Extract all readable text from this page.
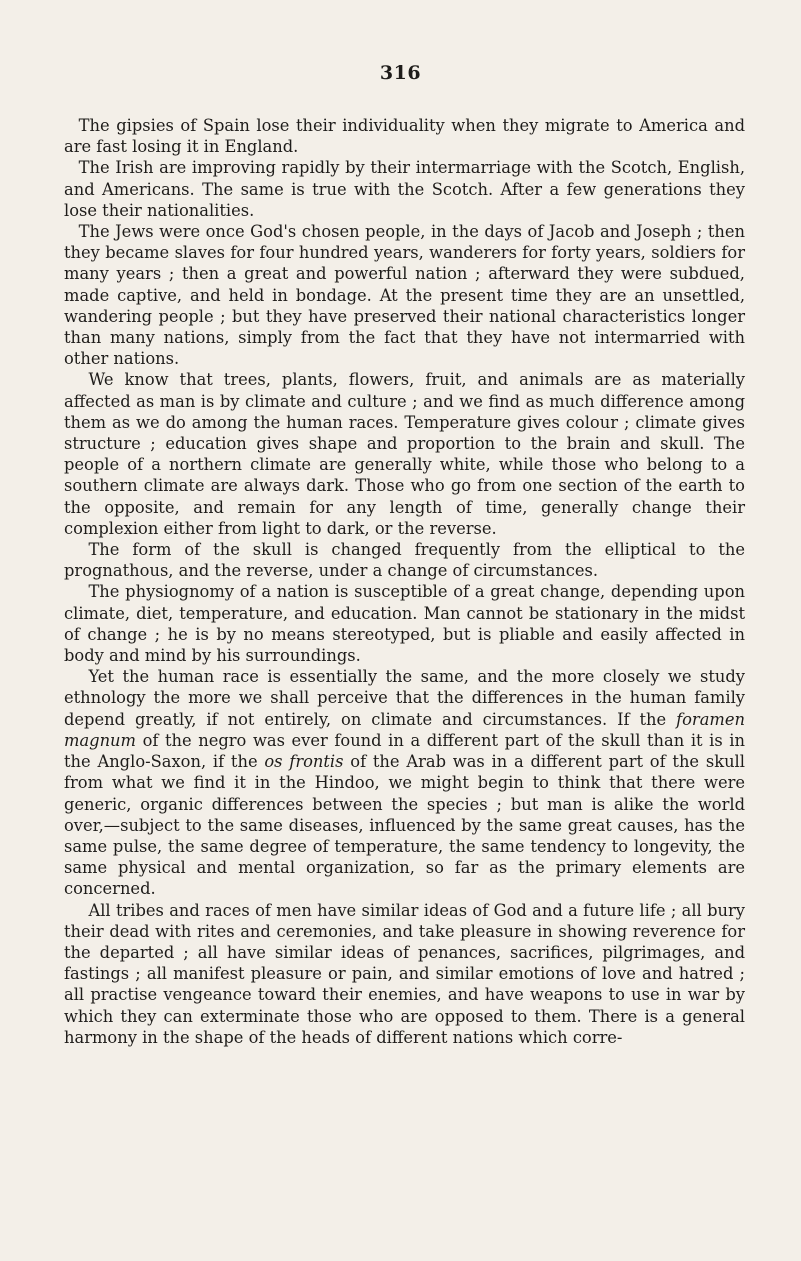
316

The gipsies of Spain lose their individuality when they migrate to America and are fast losing it in England.

The Irish are improving rapidly by their intermarriage with the Scotch, English, and Americans. The same is true with the Scotch. After a few generations they lose their nationalities.

The Jews were once God's chosen people, in the days of Jacob and Joseph ; then they became slaves for four hundred years, wanderers for forty years, soldiers for many years ; then a great and powerful nation ; afterward they were subdued, made captive, and held in bondage. At the present time they are an unsettled, wandering people ; but they have preserved their national characteristics longer than many nations, simply from the fact that they have not intermarried with other nations.

We know that trees, plants, flowers, fruit, and animals are as materially affected as man is by climate and culture ; and we find as much difference among them as we do among the human races. Temperature gives colour ; climate gives structure ; education gives shape and proportion to the brain and skull. The people of a northern climate are generally white, while those who belong to a southern climate are always dark. Those who go from one section of the earth to the opposite, and remain for any length of time, generally change their complexion either from light to dark, or the reverse.

The form of the skull is changed frequently from the elliptical to the prognathous, and the reverse, under a change of circumstances.

The physiognomy of a nation is susceptible of a great change, depending upon climate, diet, temperature, and education. Man cannot be stationary in the midst of change ; he is by no means stereotyped, but is pliable and easily affected in body and mind by his surroundings.

Yet the human race is essentially the same, and the more closely we study ethnology the more we shall perceive that the differences in the human family depend greatly, if not entirely, on climate and circumstances. If the foramen magnum of the negro was ever found in a different part of the skull than it is in the Anglo-Saxon, if the os frontis of the Arab was in a different part of the skull from what we find it in the Hindoo, we might begin to think that there were generic, organic differences between the species ; but man is alike the world over,—subject to the same diseases, influenced by the same great causes, has the same pulse, the same degree of temperature, the same tendency to longevity, the same physical and mental organization, so far as the primary elements are concerned.

All tribes and races of men have similar ideas of God and a future life ; all bury their dead with rites and ceremonies, and take pleasure in showing reverence for the departed ; all have similar ideas of penances, sacrifices, pilgrimages, and fastings ; all manifest pleasure or pain, and similar emotions of love and hatred ; all practise vengeance toward their enemies, and have weapons to use in war by which they can exterminate those who are opposed to them. There is a general harmony in the shape of the heads of different nations which corre-
